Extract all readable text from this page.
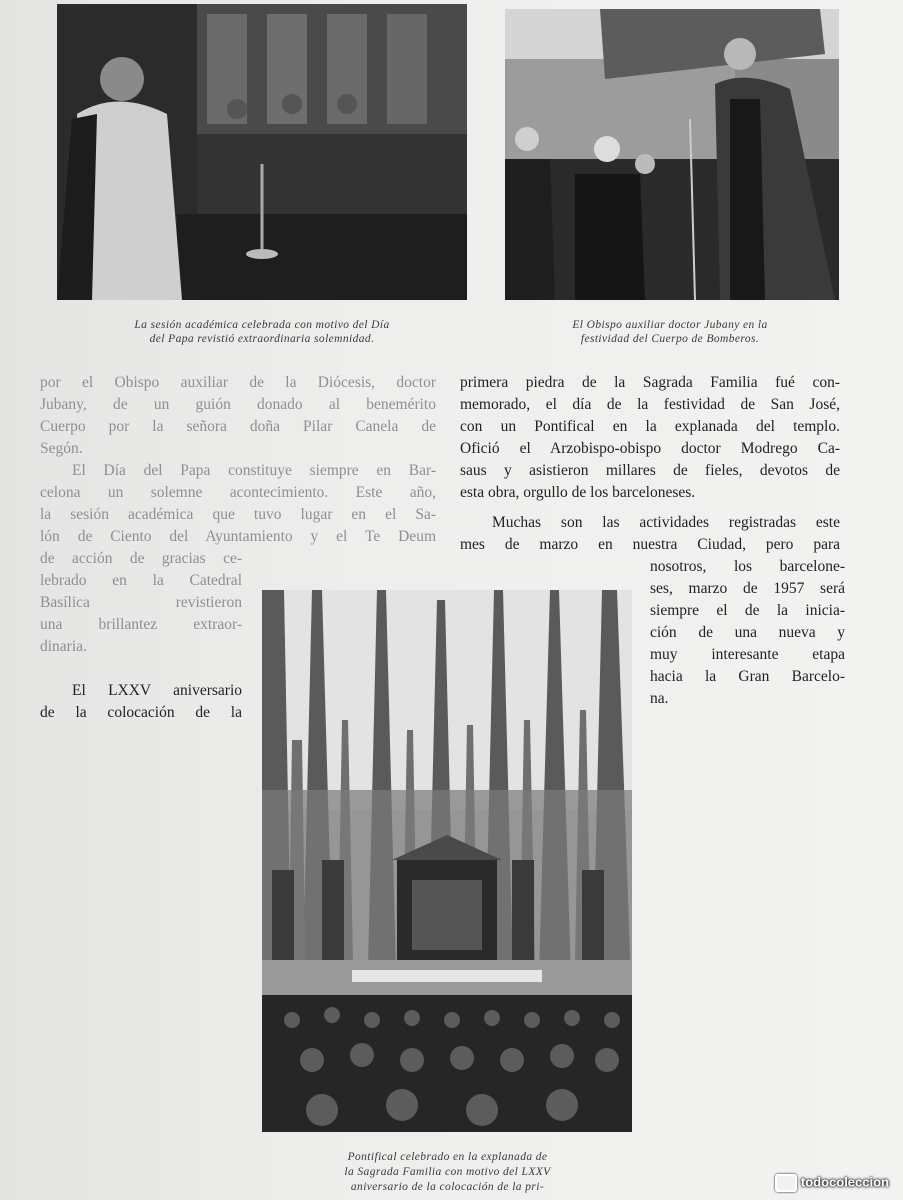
La sesión académica celebrada con motivo del Día
del Papa revistió extraordinaria solemnidad.
El Obispo auxiliar doctor Jubany en la
festividad del Cuerpo de Bomberos.
por el Obispo auxiliar de la Diócesis, doctor
Jubany, de un guión donado al benemérito
Cuerpo por la señora doña Pilar Canela de
Segón.
El Día del Papa constituye siempre en Bar-
celona un solemne acontecimiento. Este año,
la sesión académica que tuvo lugar en el Sa-
lón de Ciento del Ayuntamiento y el Te Deum
de acción de gracias ce-
lebrado en la Catedral
Basílica revistieron
una brillantez extraor-
dinaria.
El LXXV aniversario
de la colocación de la
primera piedra de la Sagrada Familia fué con-
memorado, el día de la festividad de San José,
con un Pontifical en la explanada del templo.
Ofició el Arzobispo-obispo doctor Modrego Ca-
saus y asistieron millares de fieles, devotos de
esta obra, orgullo de los barceloneses.
Muchas son las actividades registradas este
mes de marzo en nuestra Ciudad, pero para
nosotros, los barcelone-
ses, marzo de 1957 será
siempre el de la inicia-
ción de una nueva y
muy interesante etapa
hacia la Gran Barcelo-
na.
Pontifical celebrado en la explanada de
la Sagrada Familia con motivo del LXXV
aniversario de la colocación de la pri-	todocoleccion
